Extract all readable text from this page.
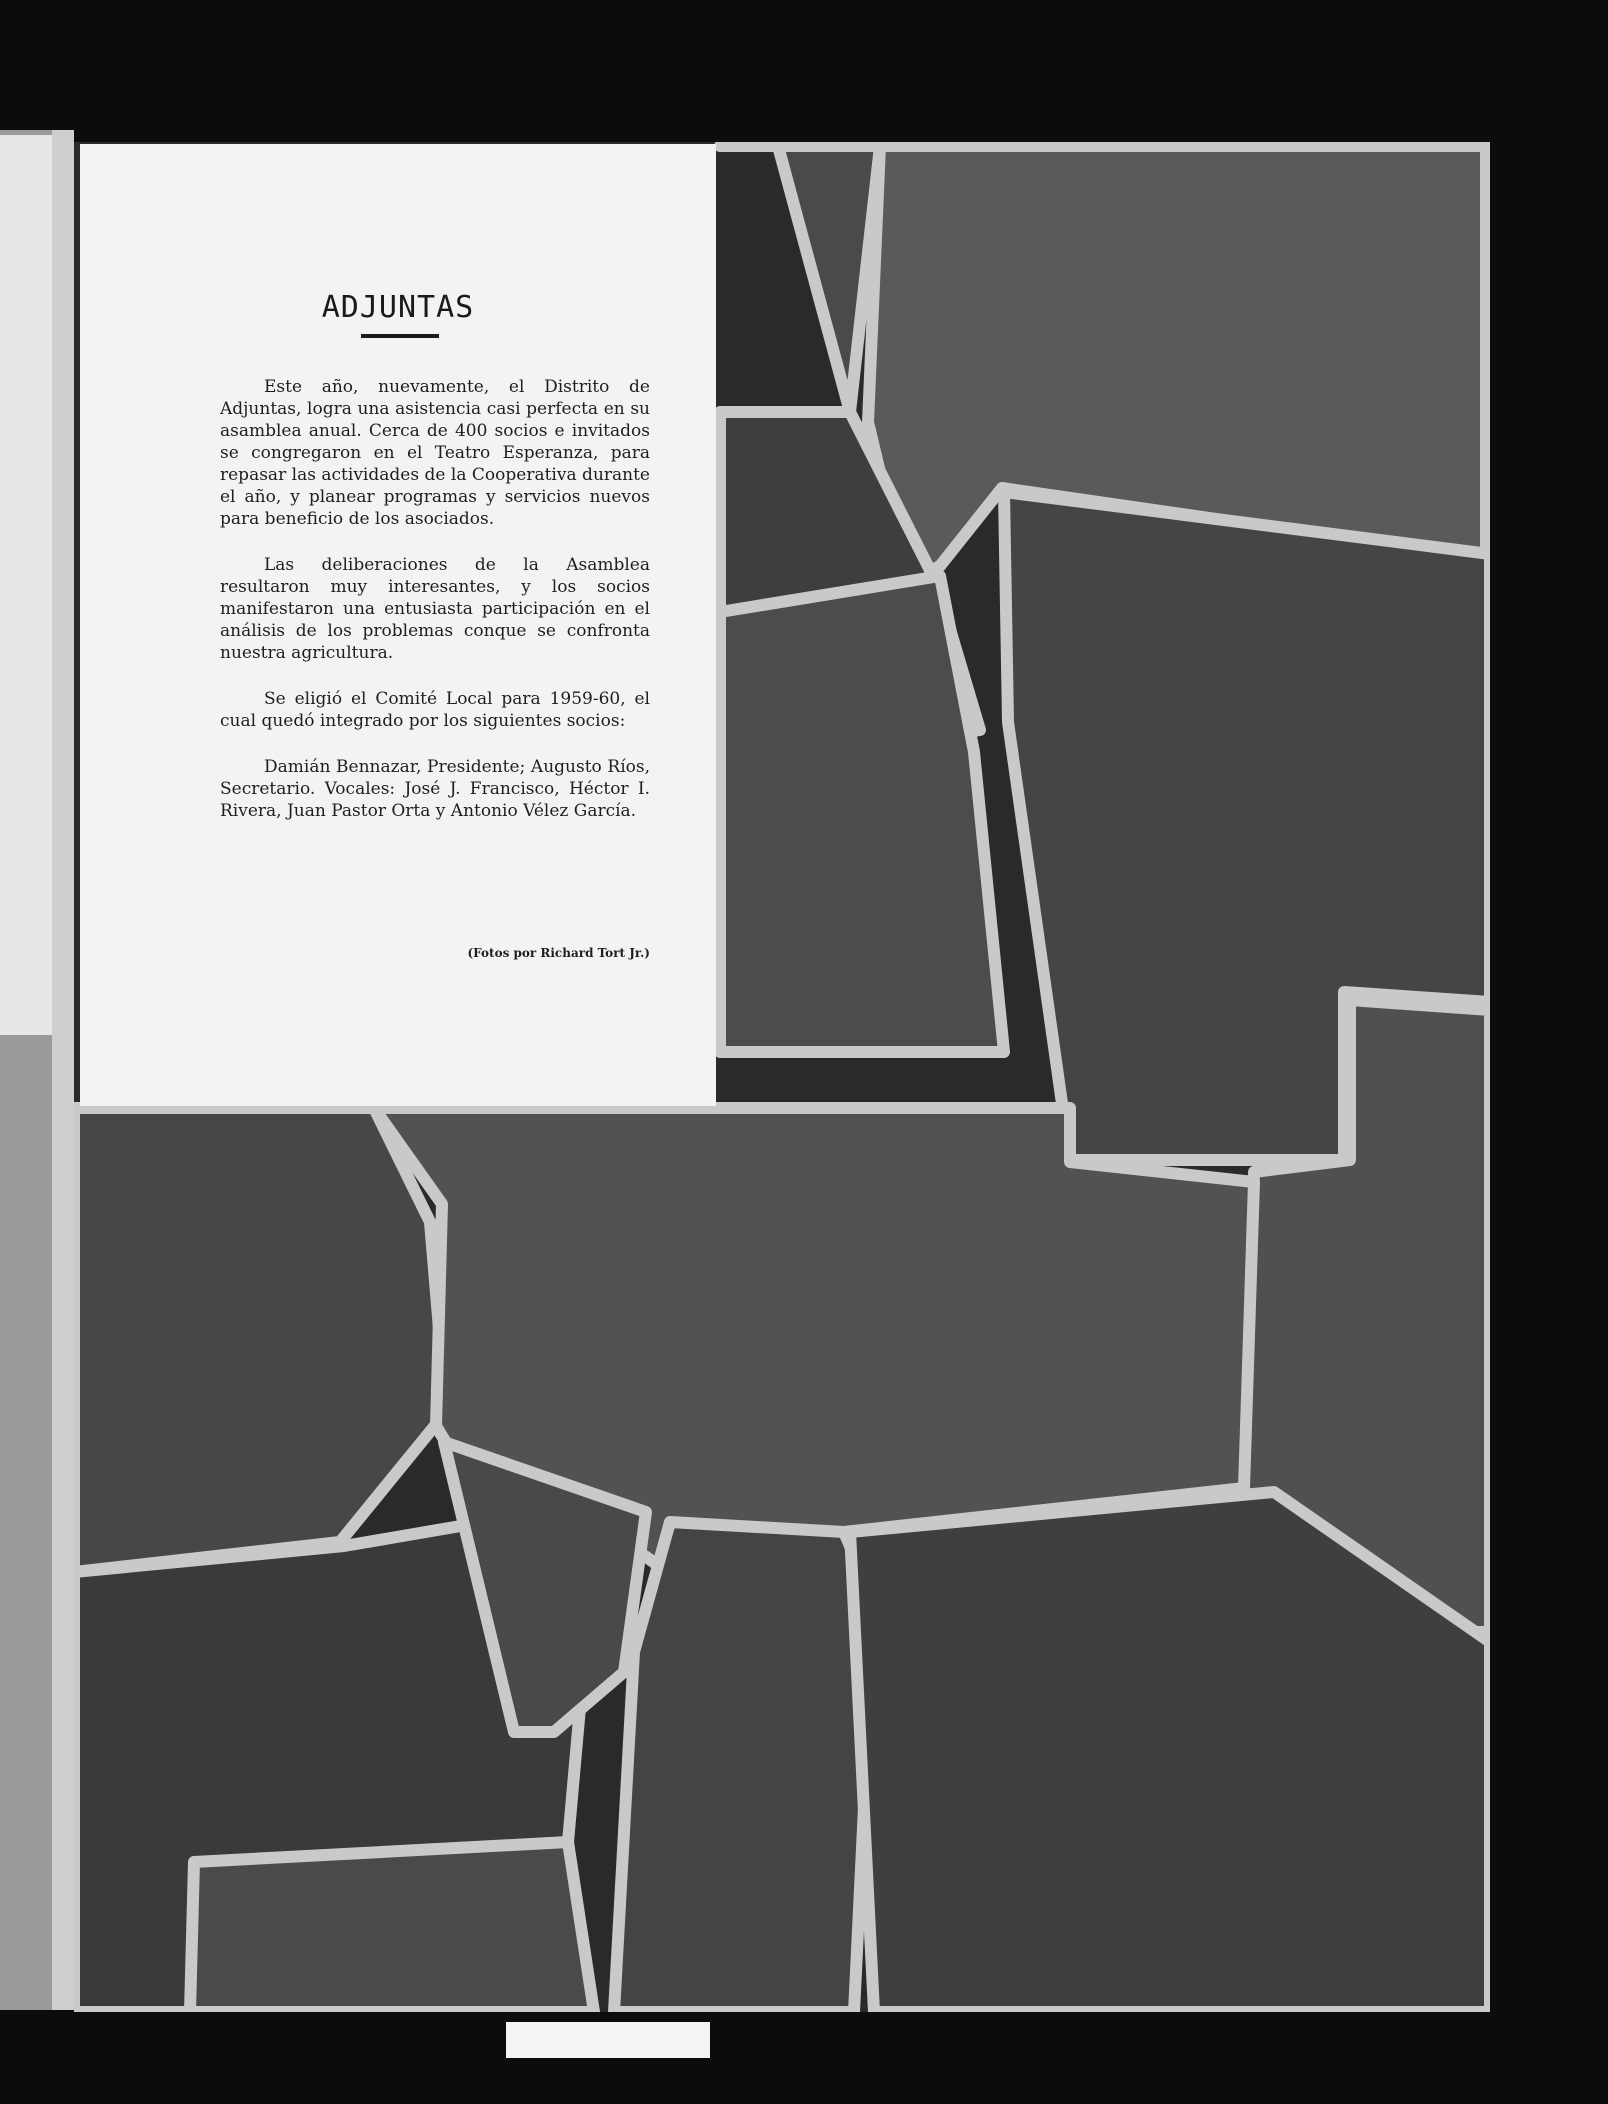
ADJUNTAS

Este año, nuevamente, el Distrito de Adjuntas, logra una asistencia casi perfecta en su asamblea anual. Cerca de 400 socios e invitados se congregaron en el Teatro Esperanza, para repasar las actividades de la Cooperativa durante el año, y planear programas y servicios nuevos para beneficio de los asociados.

Las deliberaciones de la Asamblea resultaron muy interesantes, y los socios manifestaron una entusiasta participación en el análisis de los problemas conque se confronta nuestra agricultura.

Se eligió el Comité Local para 1959-60, el cual quedó integrado por los siguientes socios:

Damián Bennazar, Presidente; Augusto Ríos, Secretario. Vocales: José J. Francisco, Héctor I. Rivera, Juan Pastor Orta y Antonio Vélez García.

(Fotos por Richard Tort Jr.)
